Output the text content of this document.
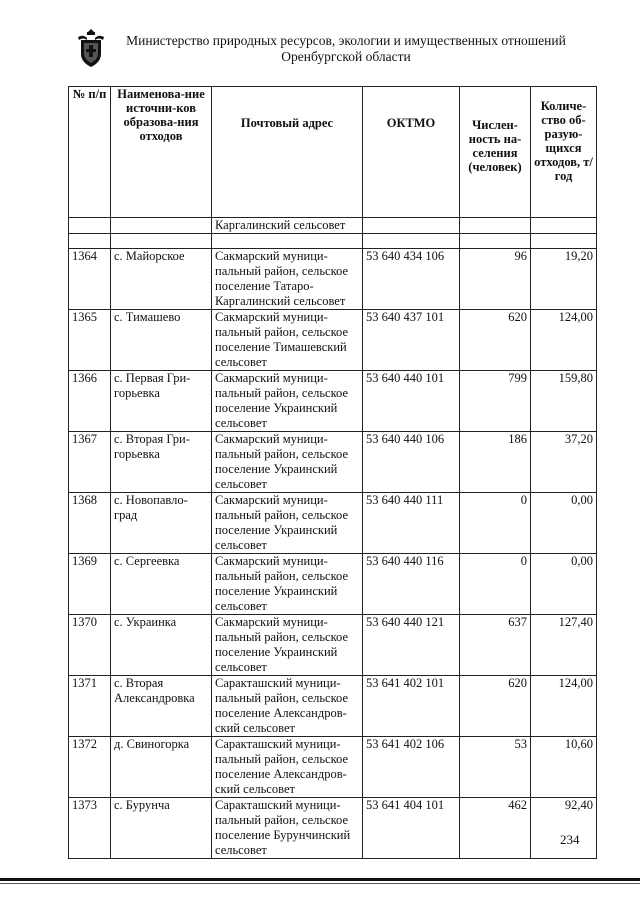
Министерство природных ресурсов, экологии и имущественных отношений
Оренбургской области
№ п/п	Наименова-ние источни-ков образова-ния отходов	Почтовый адрес	ОКТМО	Числен-ность на-селения (человек)	Количе-ство об-разую-щихся отходов, т/год
		Каргалинский сельсовет			

1364	с. Майорское	Сакмарский муници-пальный район, сельское поселение Татаро-Каргалинский сельсовет	53 640 434 106	96	19,20
1365	с. Тимашево	Сакмарский муници-пальный район, сельское поселение Тимашевский сельсовет	53 640 437 101	620	124,00
1366	с. Первая Гри-горьевка	Сакмарский муници-пальный район, сельское поселение Украинский сельсовет	53 640 440 101	799	159,80
1367	с. Вторая Гри-горьевка	Сакмарский муници-пальный район, сельское поселение Украинский сельсовет	53 640 440 106	186	37,20
1368	с. Новопавло-град	Сакмарский муници-пальный район, сельское поселение Украинский сельсовет	53 640 440 111	0	0,00
1369	с. Сергеевка	Сакмарский муници-пальный район, сельское поселение Украинский сельсовет	53 640 440 116	0	0,00
1370	с. Украинка	Сакмарский муници-пальный район, сельское поселение Украинский сельсовет	53 640 440 121	637	127,40
1371	с. Вторая Александровка	Саракташский муници-пальный район, сельское поселение Александров-ский сельсовет	53 641 402 101	620	124,00
1372	д. Свиногорка	Саракташский муници-пальный район, сельское поселение Александров-ский сельсовет	53 641 402 106	53	10,60
1373	с. Бурунча	Саракташский муници-пальный район, сельское поселение Бурунчинский сельсовет	53 641 404 101	462	92,40
234
